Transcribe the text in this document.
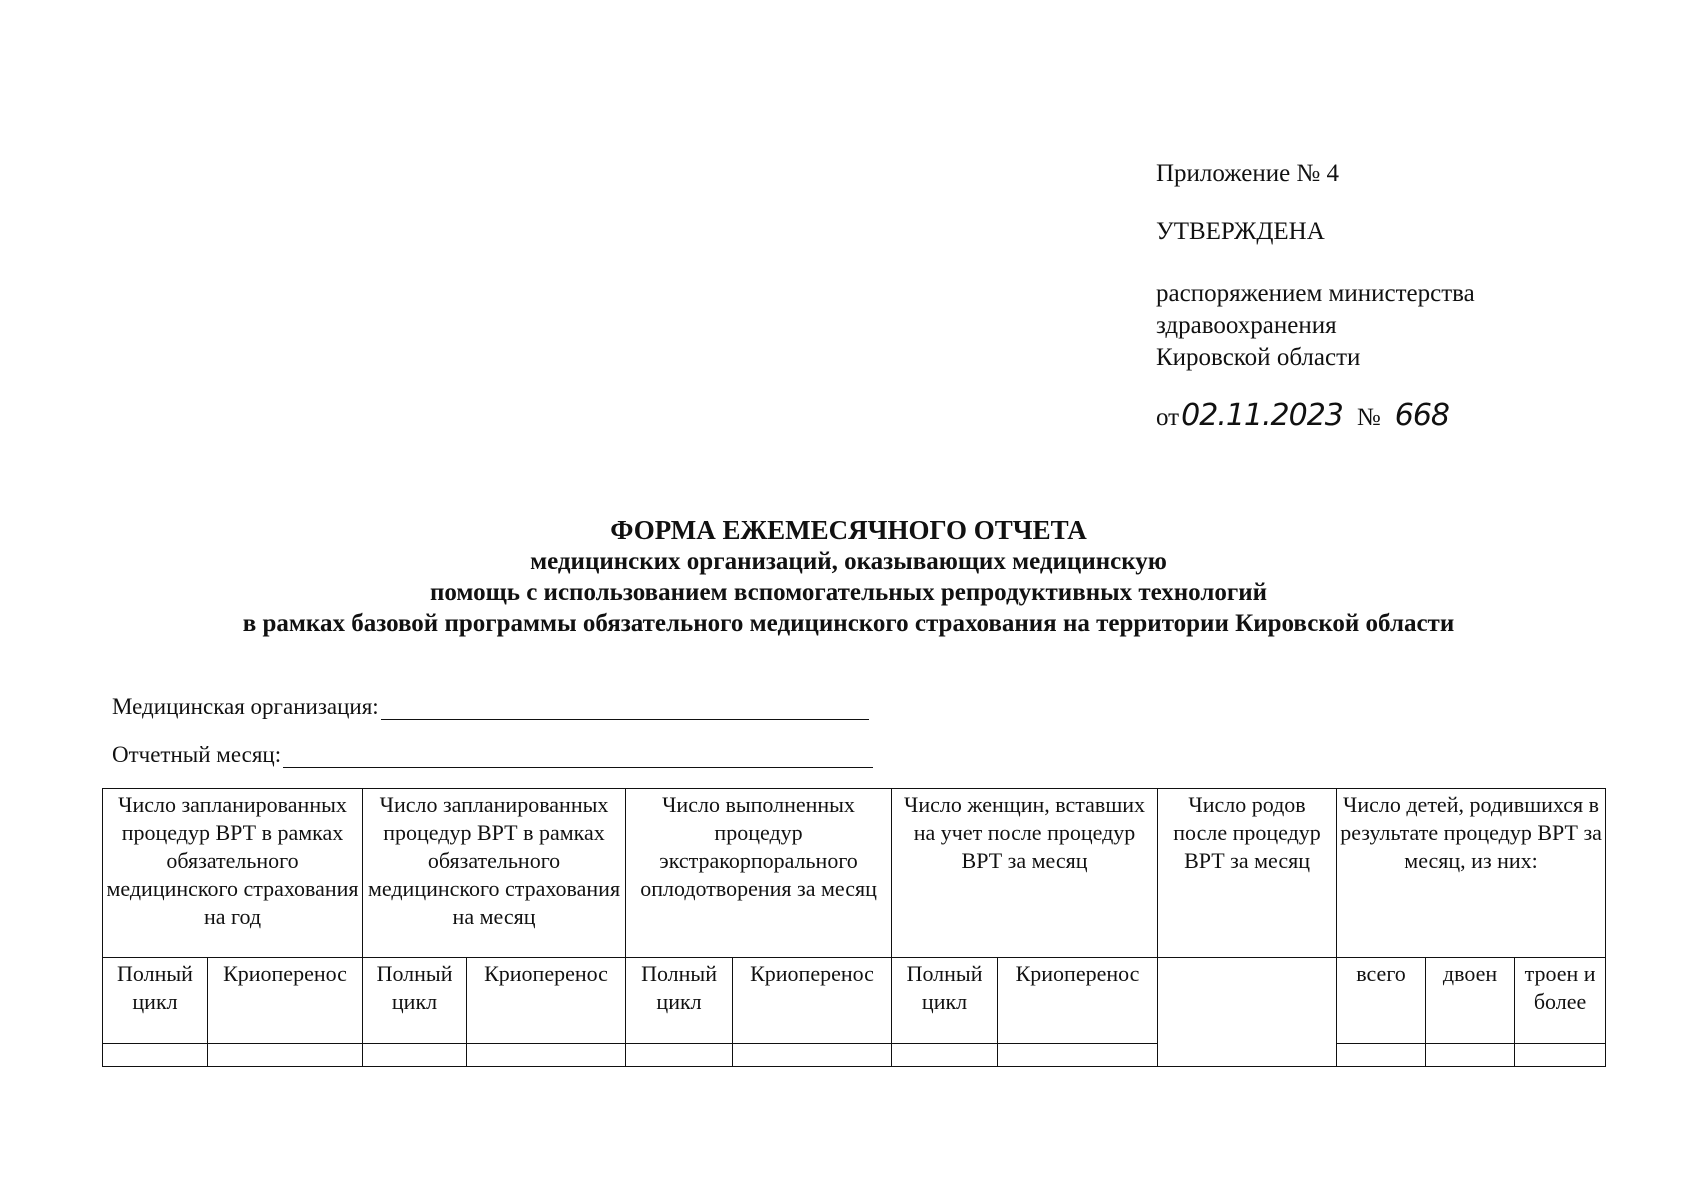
Приложение № 4
УТВЕРЖДЕНА
распоряжением министерства
здравоохранения
Кировской области
от 02.11.2023 № 668
ФОРМА ЕЖЕМЕСЯЧНОГО ОТЧЕТА
медицинских организаций, оказывающих медицинскую
помощь с использованием вспомогательных репродуктивных технологий
в рамках базовой программы обязательного медицинского страхования на территории Кировской области
Медицинская организация:
Отчетный месяц:
Число запланированных процедур ВРТ в рамках обязательного медицинского страхования на год		Число запланированных процедур ВРТ в рамках обязательного медицинского страхования на месяц		Число выполненных процедур экстракорпорального оплодотворения за месяц		Число женщин, вставших на учет после процедур ВРТ за месяц		Число родов после процедур ВРТ за месяц	Число детей, родившихся в результате процедур ВРТ за месяц, из них:		
Полный цикл	Криоперенос	Полный цикл	Криоперенос	Полный цикл	Криоперенос	Полный цикл	Криоперенос		всего	двоен	троен и более
